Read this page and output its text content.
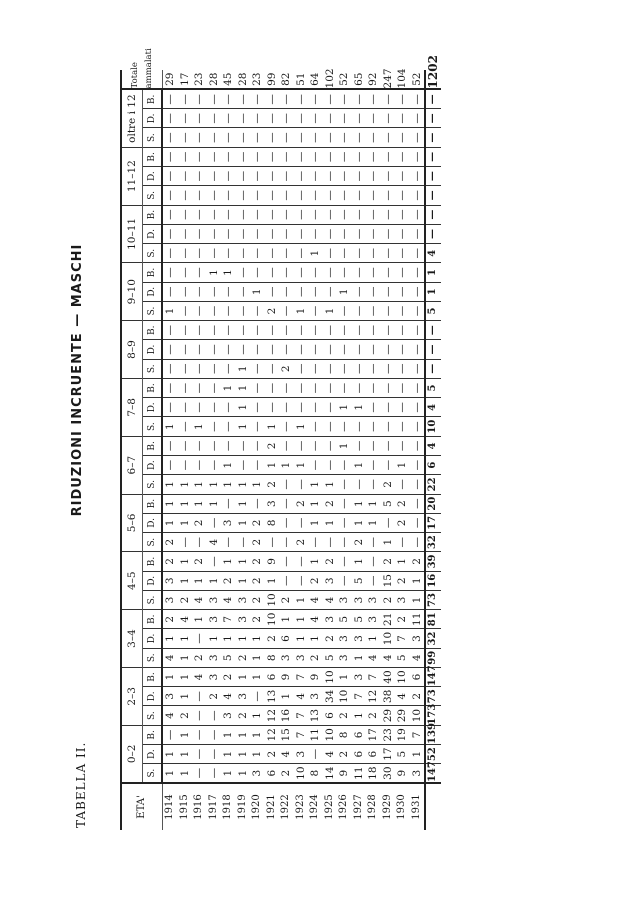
TABELLA II.
RIDUZIONI INCRUENTE — MASCHI
ETA'	0–2			2–3			3–4			4–5			5–6			6–7			7–8			8–9			9–10			10–11			11–12			oltre i 12			Totale ammalati
	S.	D.	B.	S.	D.	B.	S.	D.	B.	S.	D.	B.	S.	D.	B.	S.	D.	B.	S.	D.	B.	S.	D.	B.	S.	D.	B.	S.	D.	B.	S.	D.	B.	S.	D.	B.	
1914	1	1	—	4	3	1	4	1	2	3	3	2	2	1	1	1	—	—	1	—	—	—	—	—	1	—	—	—	—	—	—	—	—	—	—	—	29
1915	1	1	1	2	1	1	1	1	4	2	1	1	—	1	1	1	—	—	—	—	—	—	—	—	—	—	—	—	—	—	—	—	—	—	—	—	17
1916	—	—	—	—	—	4	2	—	1	4	1	2	—	2	1	1	—	—	1	—	—	—	—	—	—	—	—	—	—	—	—	—	—	—	—	—	23
1917	—	—	—	—	2	3	3	1	3	3	1	—	4	—	1	1	—	—	—	—	—	—	—	—	—	—	1	—	—	—	—	—	—	—	—	—	28
1918	1	1	1	3	4	2	5	1	7	4	2	1	—	3	—	1	1	—	—	—	1	—	—	—	—	—	1	—	—	—	—	—	—	—	—	—	45
1919	1	1	1	2	3	1	2	1	3	3	1	1	—	1	1	1	—	—	1	1	1	1	—	—	—	—	—	—	—	—	—	—	—	—	—	—	28
1920	3	1	1	1	—	1	1	1	2	2	2	2	2	2	—	1	—	—	—	—	—	—	—	—	—	1	—	—	—	—	—	—	—	—	—	—	23
1921	6	2	12	12	13	6	8	2	10	10	1	9	—	8	3	2	1	2	1	—	—	—	—	—	2	—	—	—	—	—	—	—	—	—	—	—	99
1922	2	4	15	16	1	9	3	6	1	2	—	—	—	—	—	—	1	—	—	—	—	2	—	—	—	—	—	—	—	—	—	—	—	—	—	—	82
1923	10	3	7	7	4	7	3	1	1	1	—	—	2	—	2	—	1	—	1	—	—	—	—	—	1	—	—	—	—	—	—	—	—	—	—	—	51
1924	8	—	11	13	3	9	2	1	4	4	2	1	—	1	1	1	—	—	—	—	—	—	—	—	—	—	—	1	—	—	—	—	—	—	—	—	64
1925	14	4	10	6	34	10	5	2	3	4	3	2	—	1	2	1	—	—	—	—	—	—	—	—	1	—	—	—	—	—	—	—	—	—	—	—	102
1926	9	2	8	2	10	1	3	3	5	3	—	—	—	—	—	—	—	1	—	1	—	—	—	—	—	1	—	—	—	—	—	—	—	—	—	—	52
1927	11	6	6	1	7	3	1	3	5	3	5	1	2	1	1	—	1	—	—	1	—	—	—	—	—	—	—	—	—	—	—	—	—	—	—	—	65
1928	18	6	17	2	12	7	4	1	3	3	—	—	—	1	1	—	—	—	—	—	—	—	—	—	—	—	—	—	—	—	—	—	—	—	—	—	92
1929	30	17	23	29	38	40	4	10	21	2	15	2	1	—	5	2	—	—	—	—	—	—	—	—	—	—	—	—	—	—	—	—	—	—	—	—	247
1930	9	5	19	29	4	10	5	7	2	3	2	1	—	2	2	—	1	—	—	—	—	—	—	—	—	—	—	—	—	—	—	—	—	—	—	—	104
1931	3	1	7	10	2	6	4	3	11	1	1	2	—	—	—	—	—	—	—	—	—	—	—	—	—	—	—	—	—	—	—	—	—	—	—	—	52
	147	52	139	173	73	147	99	32	81	73	16	39	32	17	20	22	6	4	10	4	5	—	—	—	5	1	1	4	—	—	—	—	—	—	—	—	1202
